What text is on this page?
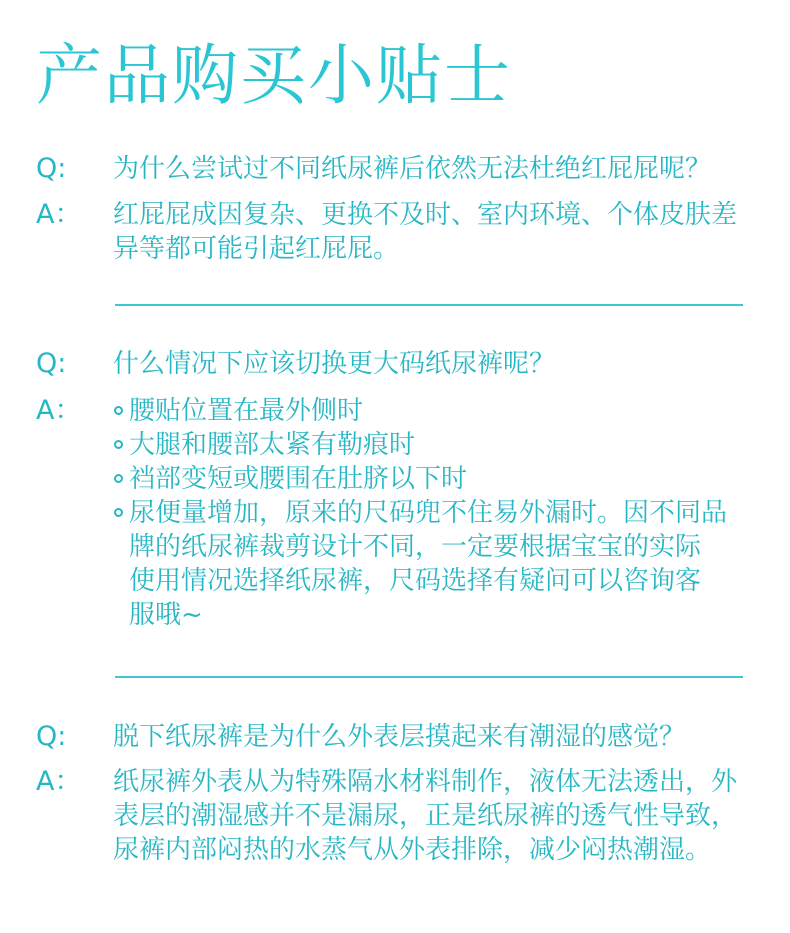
产品购买小贴士
Q:	为什么尝试过不同纸尿裤后依然无法杜绝红屁屁呢？
A：	红屁屁成因复杂、更换不及时、室内环境、个体皮肤差
异等都可能引起红屁屁。
Q:	什么情况下应该切换更大码纸尿裤呢？
A：	腰贴位置在最外侧时
大腿和腰部太紧有勒痕时
裆部变短或腰围在肚脐以下时
尿便量增加，原来的尺码兜不住易外漏时。因不同品
牌的纸尿裤裁剪设计不同，一定要根据宝宝的实际
使用情况选择纸尿裤，尺码选择有疑问可以咨询客
服哦~
Q:	脱下纸尿裤是为什么外表层摸起来有潮湿的感觉？
A：	纸尿裤外表从为特殊隔水材料制作，液体无法透出，外
表层的潮湿感并不是漏尿，正是纸尿裤的透气性导致，
尿裤内部闷热的水蒸气从外表排除，减少闷热潮湿。
